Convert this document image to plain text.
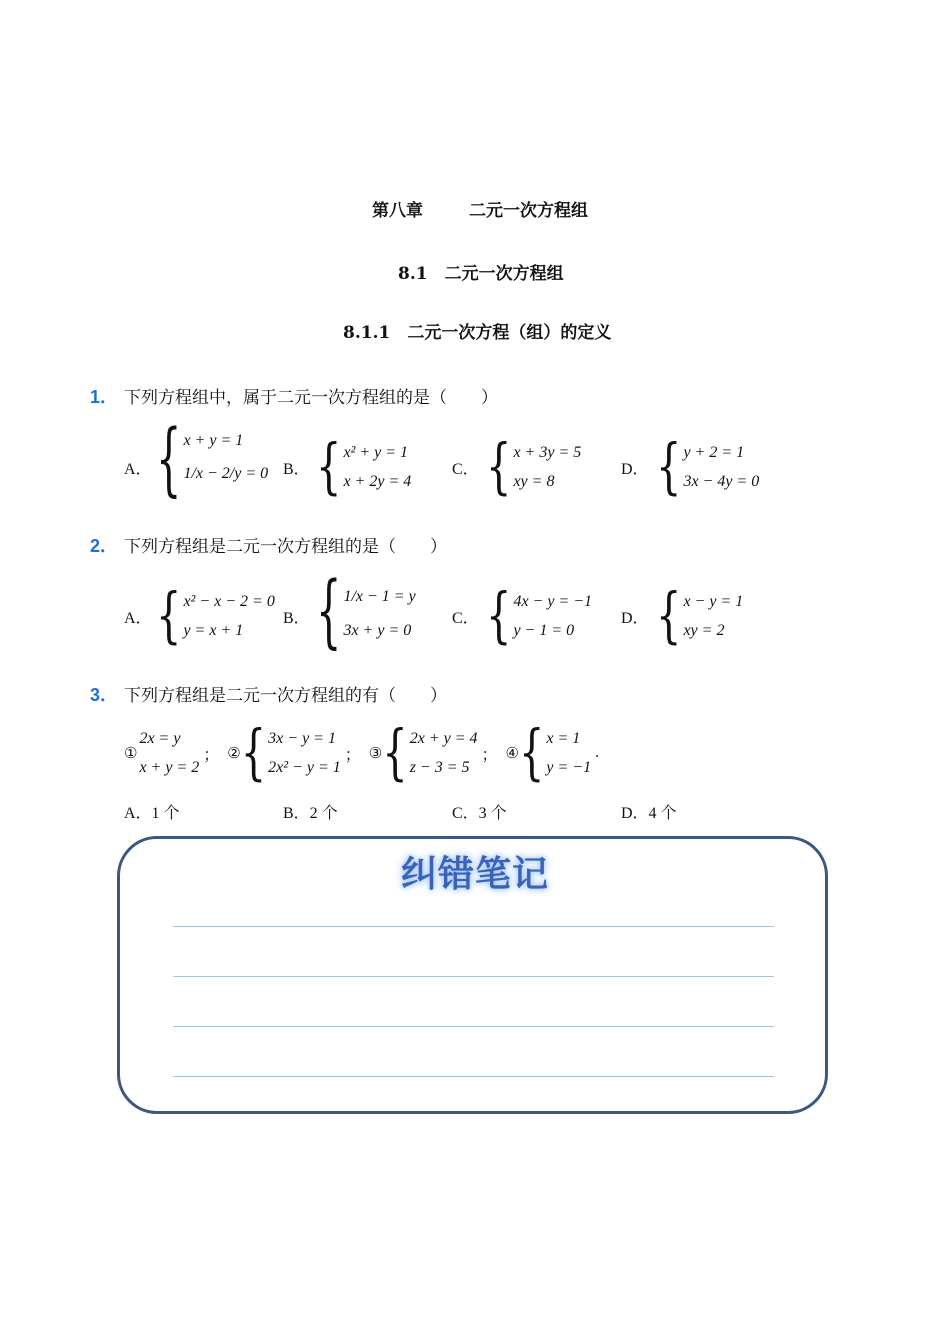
第八章	二元一次方程组
8.1　二元一次方程组
8.1.1　二元一次方程（组）的定义
1． 下列方程组中，属于二元一次方程组的是（　　）
A． { x + y = 1
1/x − 2/y = 0 B． { x² + y = 1
x + 2y = 4
C． { x + 3y = 5
xy = 8
D． { y + 2 = 1
3x − 4y = 0
2． 下列方程组是二元一次方程组的是（　　）
A． { x² − x − 2 = 0
y = x + 1
B． { 1/x − 1 = y
3x + y = 0
C． { 4x − y = −1
y − 1 = 0
D． { x − y = 1
xy = 2
3． 下列方程组是二元一次方程组的有（　　）
①
2x = y
x + y = 2
； ② { 3x − y = 1
2x² − y = 1
； ③ { 2x + y = 4
z − 3 = 5
； ④ { x = 1
y = −1
.
A．1 个	B．2 个	C．3 个	D．4 个
纠错笔记
